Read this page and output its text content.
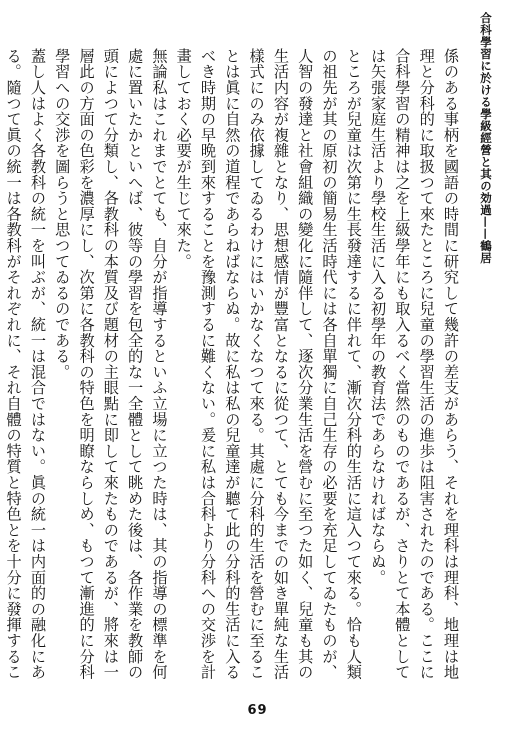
合科學習に於ける學級經營と其の効過——鶴居

係のある事柄を國語の時間に研究して幾許の差支があらう、それを理科は理科、地理は地理と分科的に取扱つて來たところに兒童の學習生活の進歩は阻害されたのである。ここに合科學習の精神は之を上級學年にも取入るべく當然のものであるが、さりとて本體としては矢張家庭生活より學校生活に入る初學年の教育法であらなければならぬ。

ところが兒童は次第に生長發達するに伴れて、漸次分科的生活に這入つて來る。恰も人類の祖先が其の原初の簡易生活時代には各自單獨に自己生存の必要を充足してゐたものが、人智の發達と社會組織の變化に隨伴して、逐次分業生活を營むに至つた如く、兒童も其の生活内容が複雜となり、思想感情が豐富となるに從つて、とても今までの如き單純な生活樣式にのみ依據してゐるわけにはいかなくなつて來る。其處に分科的生活を營むに至ることは眞に自然の道程であらねばならぬ。故に私は私の兒童達が聽て此の分科的生活に入るべき時期の早晩到來することを豫測するに難くない。爰に私は合科より分科への交渉を計畫しておく必要が生じて來た。

無論私はこれまでとても、自分が指導するといふ立場に立つた時は、其の指導の標準を何處に置いたかといへば、彼等の學習を包全的な一全體として眺めた後は、各作業を教師の頭によつて分類し、各教科の本質及び題材の主眼點に即して來たものであるが、將來は一層此の方面の色彩を濃厚にし、次第に各教科の特色を明瞭ならしめ、もつて漸進的に分科學習への交渉を圖らうと思つてゐるのである。

蓋し人はよく各教科の統一を叫ぶが、統一は混合ではない。眞の統一は内面的の融化にある。隨つて眞の統一は各教科がそれぞれに、それ自體の特質と特色とを十分に發揮するこ

69
